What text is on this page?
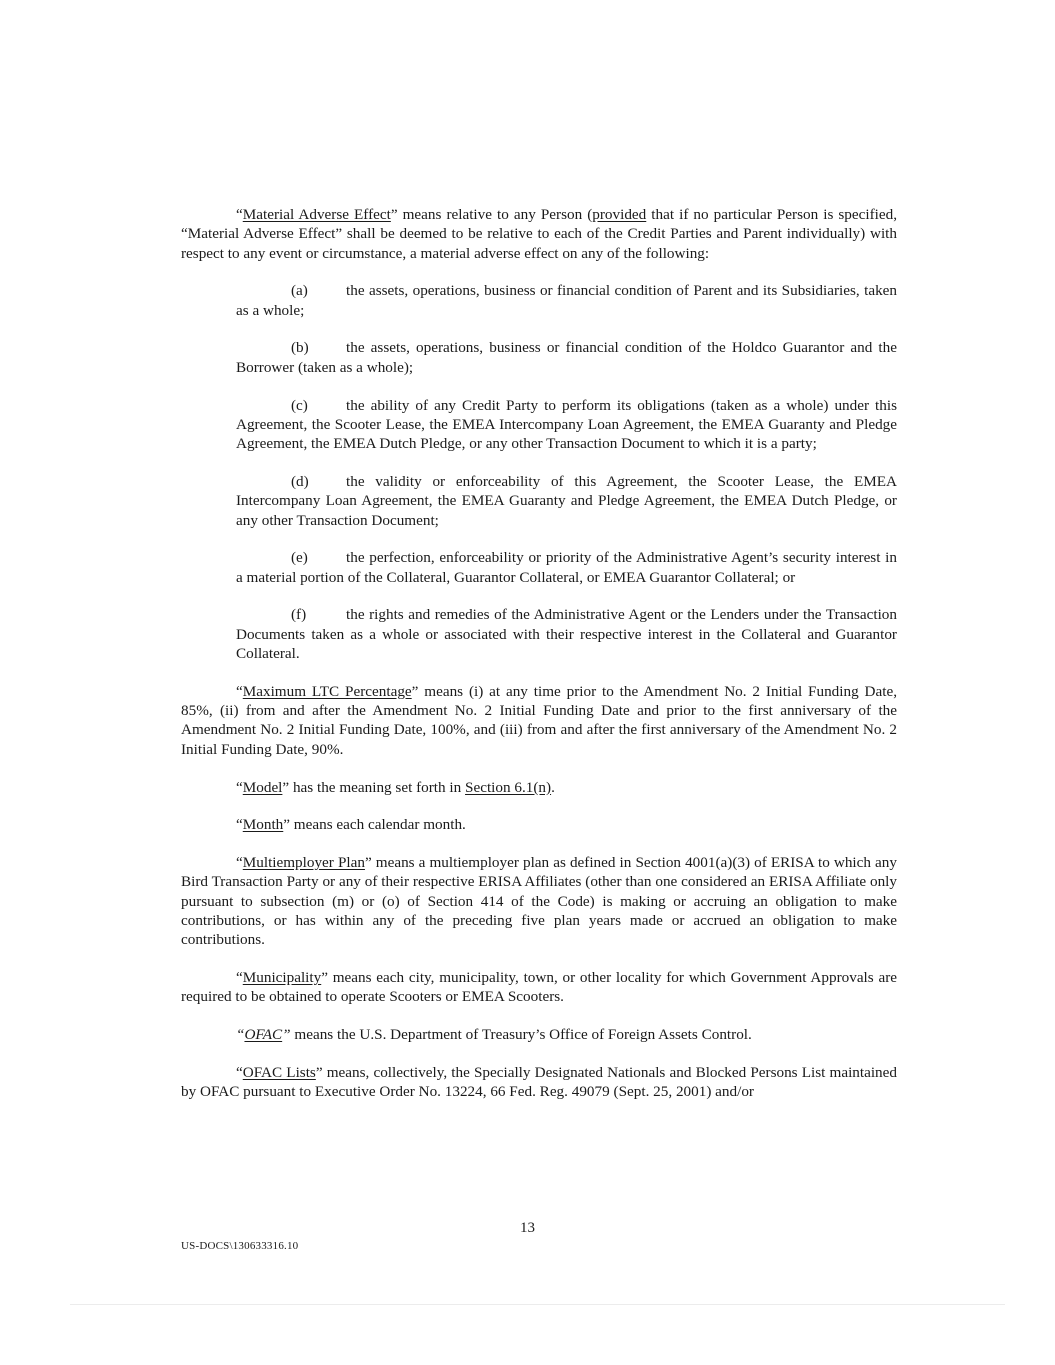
“Material Adverse Effect” means relative to any Person (provided that if no particular Person is specified, “Material Adverse Effect” shall be deemed to be relative to each of the Credit Parties and Parent individually) with respect to any event or circumstance, a material adverse effect on any of the following:

(a)	the assets, operations, business or financial condition of Parent and its Subsidiaries, taken as a whole;

(b) the assets, operations, business or financial condition of the Holdco Guarantor and the Borrower (taken as a whole);

(c)	the ability of any Credit Party to perform its obligations (taken as a whole) under this Agreement, the Scooter Lease, the EMEA Intercompany Loan Agreement, the EMEA Guaranty and Pledge Agreement, the EMEA Dutch Pledge, or any other Transaction Document to which it is a party;

(d) the validity or enforceability of this Agreement, the Scooter Lease, the EMEA Intercompany Loan Agreement, the EMEA Guaranty and Pledge Agreement, the EMEA Dutch Pledge, or any other Transaction Document;

(e)	the perfection, enforceability or priority of the Administrative Agent’s security interest in a material portion of the Collateral, Guarantor Collateral, or EMEA Guarantor Collateral; or

(f)	the rights and remedies of the Administrative Agent or the Lenders under the Transaction Documents taken as a whole or associated with their respective interest in the Collateral and Guarantor Collateral.

“Maximum LTC Percentage” means (i) at any time prior to the Amendment No. 2 Initial Funding Date, 85%, (ii) from and after the Amendment No. 2 Initial Funding Date and prior to the first anniversary of the Amendment No. 2 Initial Funding Date, 100%, and (iii) from and after the first anniversary of the Amendment No. 2 Initial Funding Date, 90%.

“Model” has the meaning set forth in Section 6.1(n).

“Month” means each calendar month.

“Multiemployer Plan” means a multiemployer plan as defined in Section 4001(a)(3) of ERISA to which any Bird Transaction Party or any of their respective ERISA Affiliates (other than one considered an ERISA Affiliate only pursuant to subsection (m) or (o) of Section 414 of the Code) is making or accruing an obligation to make contributions, or has within any of the preceding five plan years made or accrued an obligation to make contributions.

“Municipality” means each city, municipality, town, or other locality for which Government Approvals are required to be obtained to operate Scooters or EMEA Scooters.

“OFAC” means the U.S. Department of Treasury’s Office of Foreign Assets Control.

“OFAC Lists” means, collectively, the Specially Designated Nationals and Blocked Persons List maintained by OFAC pursuant to Executive Order No. 13224, 66 Fed. Reg. 49079 (Sept. 25, 2001) and/or

13
US-DOCS\130633316.10
